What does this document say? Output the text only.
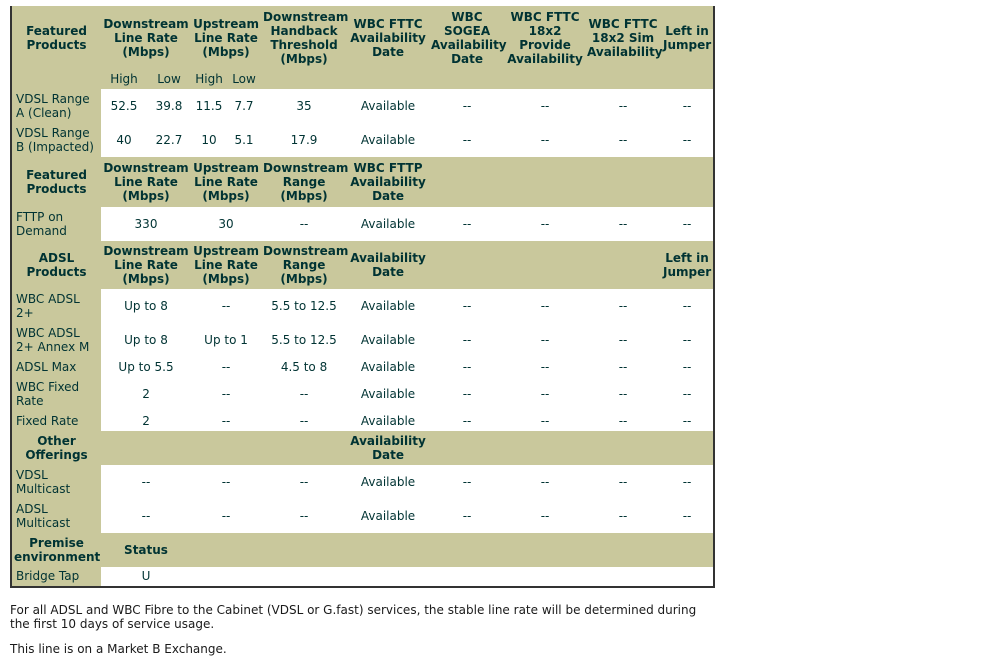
Featured Products	Downstream Line Rate (Mbps)		Upstream Line Rate (Mbps)		Downstream Handback Threshold (Mbps)	WBC FTTC Availability Date	WBC SOGEA Availability Date	WBC FTTC 18x2 Provide Availability	WBC FTTC 18x2 Sim Availability	Left in Jumper
	High	Low	High	Low						
VDSL Range A (Clean)	52.5	39.8	11.5	7.7	35	Available	--	--	--	--
VDSL Range B (Impacted)	40	22.7	10	5.1	17.9	Available	--	--	--	--
Featured Products	Downstream Line Rate (Mbps)		Upstream Line Rate (Mbps)		Downstream Range (Mbps)	WBC FTTP Availability Date				
FTTP on Demand	330		30		--	Available	--	--	--	--
ADSL Products	Downstream Line Rate (Mbps)		Upstream Line Rate (Mbps)		Downstream Range (Mbps)	Availability Date				Left in Jumper
WBC ADSL 2+	Up to 8		--		5.5 to 12.5	Available	--	--	--	--
WBC ADSL 2+ Annex M	Up to 8		Up to 1		5.5 to 12.5	Available	--	--	--	--
ADSL Max	Up to 5.5		--		4.5 to 8	Available	--	--	--	--
WBC Fixed Rate	2		--		--	Available	--	--	--	--
Fixed Rate	2		--		--	Available	--	--	--	--
Other Offerings						Availability Date				
VDSL Multicast	--		--		--	Available	--	--	--	--
ADSL Multicast	--		--		--	Available	--	--	--	--
Premise environment	Status									
Bridge Tap	U									
For all ADSL and WBC Fibre to the Cabinet (VDSL or G.fast) services, the stable line rate will be determined during the first 10 days of service usage.
This line is on a Market B Exchange.
